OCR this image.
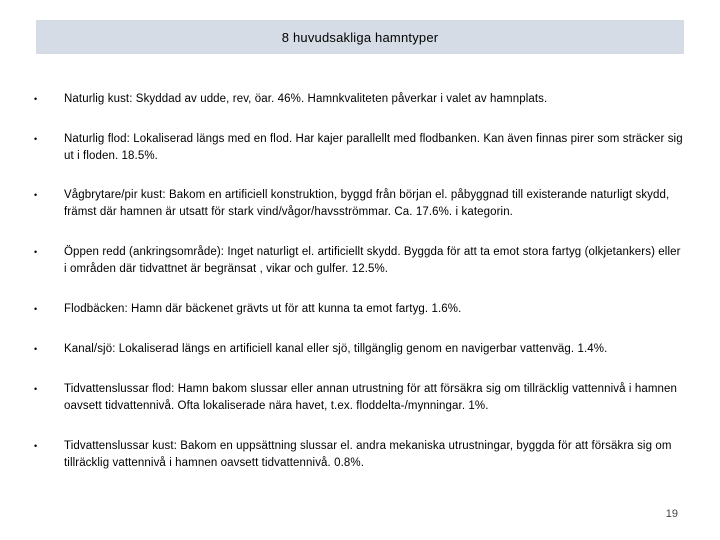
8 huvudsakliga hamntyper
•	Naturlig kust: Skyddad av udde, rev, öar. 46%. Hamnkvaliteten påverkar i valet av hamnplats.
•	Naturlig flod: Lokaliserad längs med en flod. Har kajer parallellt med flodbanken. Kan även finnas pirer som sträcker sig ut i floden. 18.5%.
•	Vågbrytare/pir kust: Bakom en artificiell konstruktion, byggd från början el. påbyggnad till existerande naturligt skydd, främst där hamnen är utsatt för stark vind/vågor/havsströmmar. Ca. 17.6%. i kategorin.
•	Öppen redd (ankringsområde): Inget naturligt el. artificiellt skydd. Byggda för att ta emot stora fartyg (olkjetankers) eller i områden där tidvattnet är begränsat , vikar och gulfer. 12.5%.
•	Flodbäcken: Hamn där bäckenet grävts ut för att kunna ta emot fartyg. 1.6%.
•	Kanal/sjö: Lokaliserad längs en artificiell kanal eller sjö, tillgänglig genom en navigerbar vattenväg. 1.4%.
•	Tidvattenslussar flod: Hamn bakom slussar eller annan utrustning för att försäkra sig om tillräcklig vattennivå i hamnen oavsett tidvattennivå. Ofta lokaliserade nära havet, t.ex. floddelta-/mynningar. 1%.
•	Tidvattenslussar kust: Bakom en uppsättning slussar el. andra mekaniska utrustningar, byggda för att försäkra sig om tillräcklig vattennivå i hamnen oavsett tidvattennivå. 0.8%.
19
